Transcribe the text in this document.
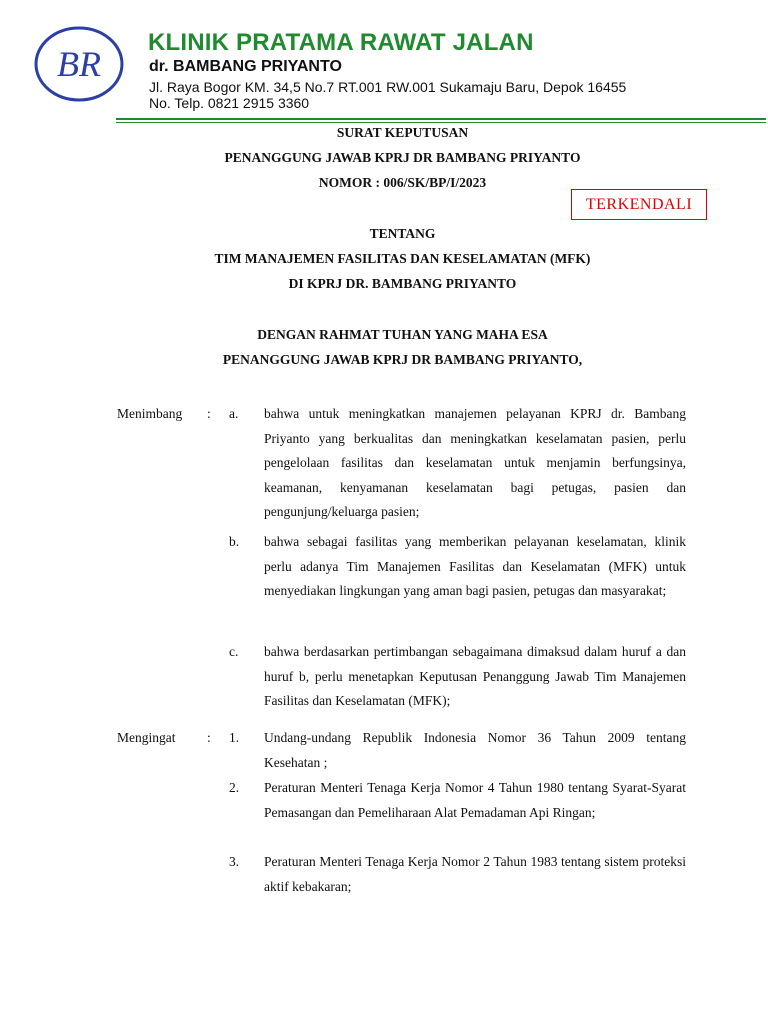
BR
KLINIK PRATAMA RAWAT JALAN
dr. BAMBANG PRIYANTO
Jl. Raya Bogor KM. 34,5 No.7 RT.001 RW.001 Sukamaju Baru, Depok 16455
No. Telp. 0821 2915 3360
SURAT KEPUTUSAN
PENANGGUNG JAWAB KPRJ DR BAMBANG PRIYANTO
NOMOR : 006/SK/BP/I/2023
TERKENDALI
TENTANG
TIM MANAJEMEN FASILITAS DAN KESELAMATAN (MFK)
DI KPRJ DR. BAMBANG PRIYANTO
DENGAN RAHMAT TUHAN YANG MAHA ESA
PENANGGUNG JAWAB KPRJ DR BAMBANG PRIYANTO,
Menimbang : a. bahwa untuk meningkatkan manajemen pelayanan KPRJ dr. Bambang Priyanto yang berkualitas dan meningkatkan keselamatan pasien, perlu pengelolaan fasilitas dan keselamatan untuk menjamin berfungsinya, keamanan, kenyamanan keselamatan bagi petugas, pasien dan pengunjung/keluarga pasien;
b. bahwa sebagai fasilitas yang memberikan pelayanan keselamatan, klinik perlu adanya Tim Manajemen Fasilitas dan Keselamatan (MFK) untuk menyediakan lingkungan yang aman bagi pasien, petugas dan masyarakat;
c. bahwa berdasarkan pertimbangan sebagaimana dimaksud dalam huruf a dan huruf b, perlu menetapkan Keputusan Penanggung Jawab Tim Manajemen Fasilitas dan Keselamatan (MFK);
Mengingat : 1. Undang-undang Republik Indonesia Nomor 36 Tahun 2009 tentang Kesehatan ;
2. Peraturan Menteri Tenaga Kerja Nomor 4 Tahun 1980 tentang Syarat-Syarat Pemasangan dan Pemeliharaan Alat Pemadaman Api Ringan;
3. Peraturan Menteri Tenaga Kerja Nomor 2 Tahun 1983 tentang sistem proteksi aktif kebakaran;
